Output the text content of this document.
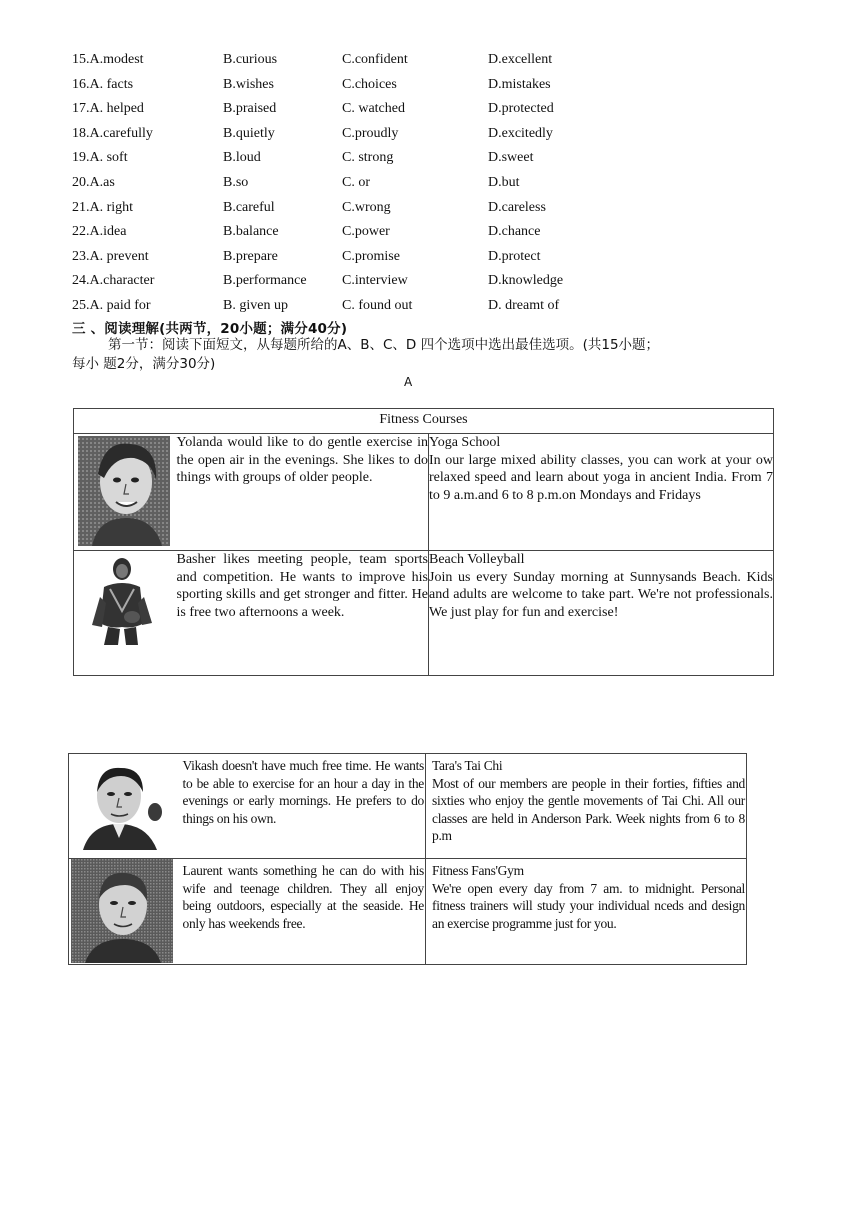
15.A.modest	B.curious	C.confident	D.excellent
16.A. facts	B.wishes	C.choices	D.mistakes
17.A. helped	B.praised	C. watched	D.protected
18.A.carefully	B.quietly	C.proudly	D.excitedly
19.A. soft	B.loud	C. strong	D.sweet
20.A.as	B.so	C. or	D.but
21.A. right	B.careful	C.wrong	D.careless
22.A.idea	B.balance	C.power	D.chance
23.A. prevent	B.prepare	C.promise	D.protect
24.A.character	B.performance	C.interview	D.knowledge
25.A. paid for	B. given up	C. found out	D. dreamt of
三 、阅读理解(共两节，20小题；满分40分)
第一节：阅读下面短文，从每题所给的A、B、C、D 四个选项中选出最佳选项。(共15小题；
每小 题2分，满分30分)
A
Fitness Courses		

	Yolanda would like to do gentle exercise in the open air in the evenings. She likes to do things with groups of older people.	Yoga School
In our large mixed ability classes, you can work at your ow relaxed speed and learn about yoga in ancient India. From 7 to 9 a.m.and 6 to 8 p.m.on Mondays and Fridays

	Basher likes meeting people, team sports and competition. He wants to improve his sporting skills and get stronger and fitter. He is free two afternoons a week.	Beach Volleyball
Join us every Sunday morning at Sunnysands Beach. Kids and adults are welcome to take part. We're not professionals. We just play for fun and exercise!
	Vikash doesn't have much free time. He wants to be able to exercise for an hour a day in the evenings or early mornings. He prefers to do things on his own.	Tara's Tai Chi
Most of our members are people in their forties, fifties and sixties who enjoy the gentle movements of Tai Chi. All our classes are held in Anderson Park. Week nights from 6 to 8 p.m

	Laurent wants something he can do with his wife and teenage children. They all enjoy being outdoors, especially at the seaside. He only has weekends free.	Fitness Fans'Gym
We're open every day from 7 am. to midnight. Personal fitness trainers will study your individual nceds and design an exercise programme just for you.
